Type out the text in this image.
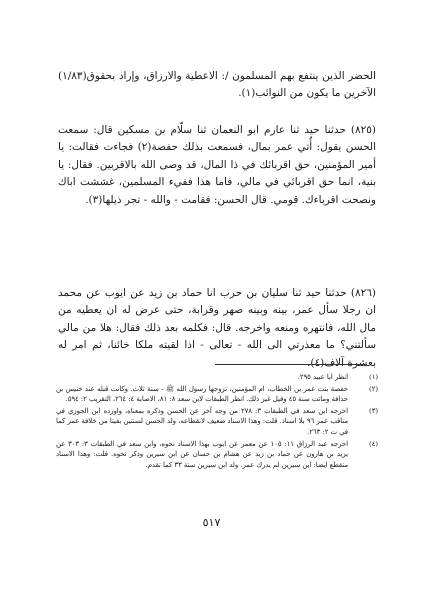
الحضر الذين ينتفع بهم المسلمون /: الاعطية والارزاق، وإراد بحقوق(١/٨٣) الآخرين ما يكون من النوائب(١).

(٨٢٥) حدثنا حيد ثنا عارم ابو النعمان ثنا سلّام بن مسكين قال: سمعت الحسن يقول: أُتي عمر بمال، فسمعت بذلك حفصة(٢) فجاءت فقالت: يا أمير المؤمنين، حق اقربائك في ذا المال، قد وصى الله بالاقربين. فقال: يا بنية، انما حق اقربائي في مالي، فاما هذا ففيء المسلمين، غششت اباك ونصحت اقرباءك. قومي. قال الحسن: فقامت - والله - تجر ذيلها(٣).

(٨٢٦) حدثنا حيد ثنا سليان بن حرب انا حماد بن زيد عن ايوب عن محمد ان رجلا سأل عمر، بينه وبينه صهر وقرابة، حتى عرض له ان يعطيه من مال الله، فانتهره ومنعه واخرجه. قال: فكلمه بعد ذلك فقال: هلا من مالي سألتني؟ ما معذرتي الى الله - تعالى - اذا لقيته ملكا خائنا، ثم امر له بعشرة آلاف(٤).

(١)
انظر ابا عبيد ٢٩٥.
(٢)
حفصة بنت عمر بن الخطاب، ام المؤمنين، تزوجها رسول الله ﷺ - سنة ثلاث. وكانت قبله عند خنيس بن حذافة وماتت سنة ٤٥ وقيل غير ذلك. انظر الطبقات لابن سعد ٨: ٨١، الاصابة ٤: ٢٦٤، التقريب ٢: ٥٩٤.
(٣)
اخرجه ابن سعد في الطبقات ٣: ٢٧٨ من وجه آخر عن الحسن وذكره بمعناه، واورده ابن الجوزي في مناقب عمر ٩٦ بلا اسناد. قلت: وهذا الاسناد ضعيف لانقطاعه، ولد الحسن لسنتين بقيتا من خلافة عمر كما في ت ٢: ٢٦٣.
(٤)
اخرجه عبد الرزاق ١١: ١٠٥ عن معمر عن ايوب بهذا الاسناد نحوه، وابن سعد في الطبقات ٣: ٣٠٣ عن يزيد بن هارون عن حماد بن زيد عن هشام بن حسان عن ابن سيرين وذكر نحوه. قلت: وهذا الاسناد منقطع ايضا: ابن سيرين لم يدرك عمر. ولد ابن سيرين سنة ٣٣ كما تقدم.
٥١٧
